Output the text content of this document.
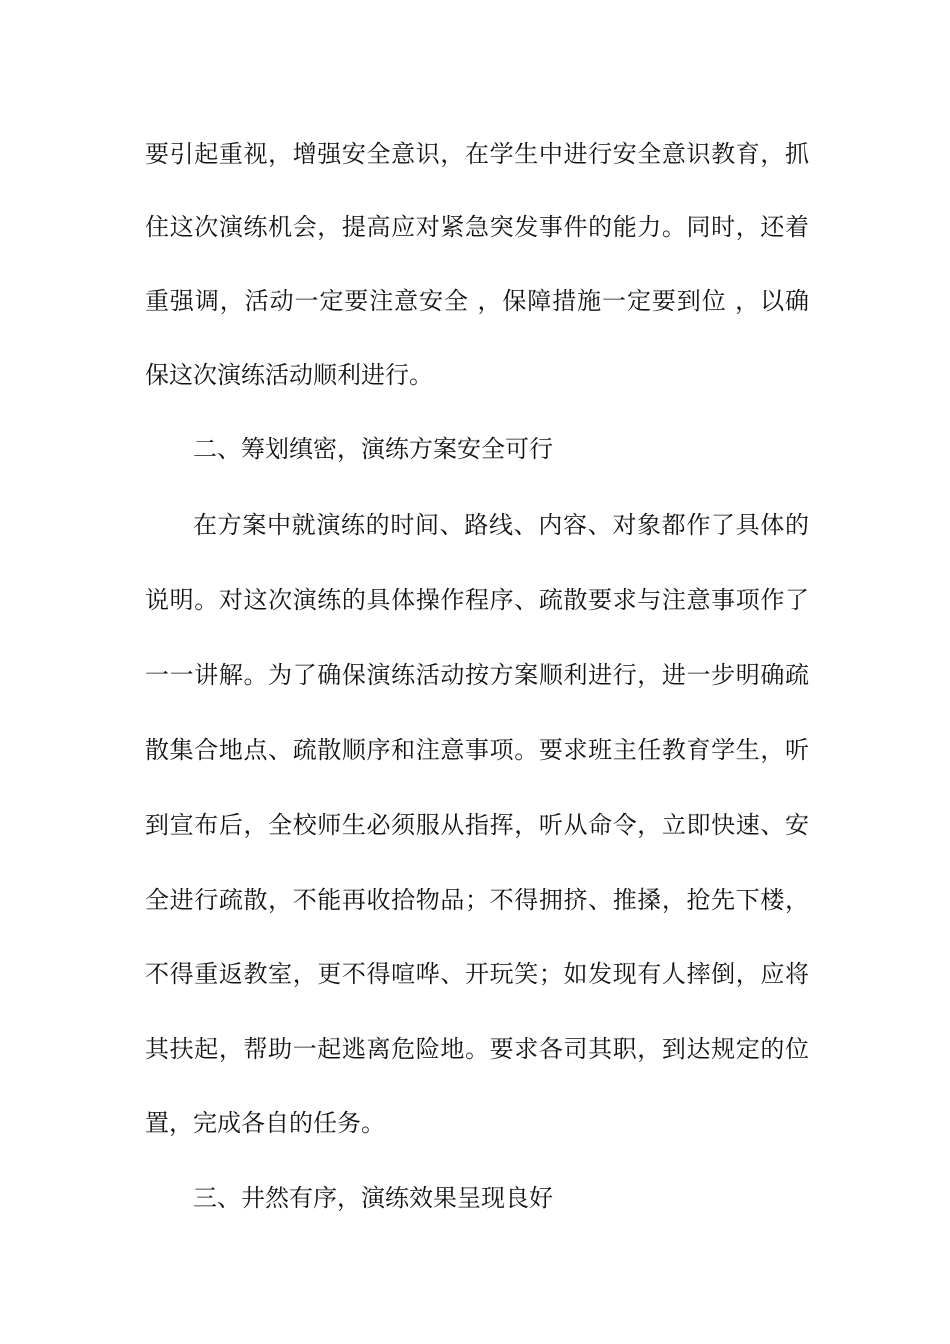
要引起重视，增强安全意识，在学生中进行安全意识教育，抓
住这次演练机会，提高应对紧急突发事件的能力。同时，还着
重强调，活动一定要注意安全 ，保障措施一定要到位 ，以确
保这次演练活动顺利进行。
二、筹划缜密，演练方案安全可行
在方案中就演练的时间、路线、内容、对象都作了具体的
说明。对这次演练的具体操作程序、疏散要求与注意事项作了
一一讲解。为了确保演练活动按方案顺利进行，进一步明确疏
散集合地点、疏散顺序和注意事项。要求班主任教育学生，听
到宣布后，全校师生必须服从指挥，听从命令，立即快速、安
全进行疏散，不能再收拾物品；不得拥挤、推搡，抢先下楼，
不得重返教室，更不得喧哗、开玩笑；如发现有人摔倒，应将
其扶起，帮助一起逃离危险地。要求各司其职，到达规定的位
置，完成各自的任务。
三、井然有序，演练效果呈现良好
